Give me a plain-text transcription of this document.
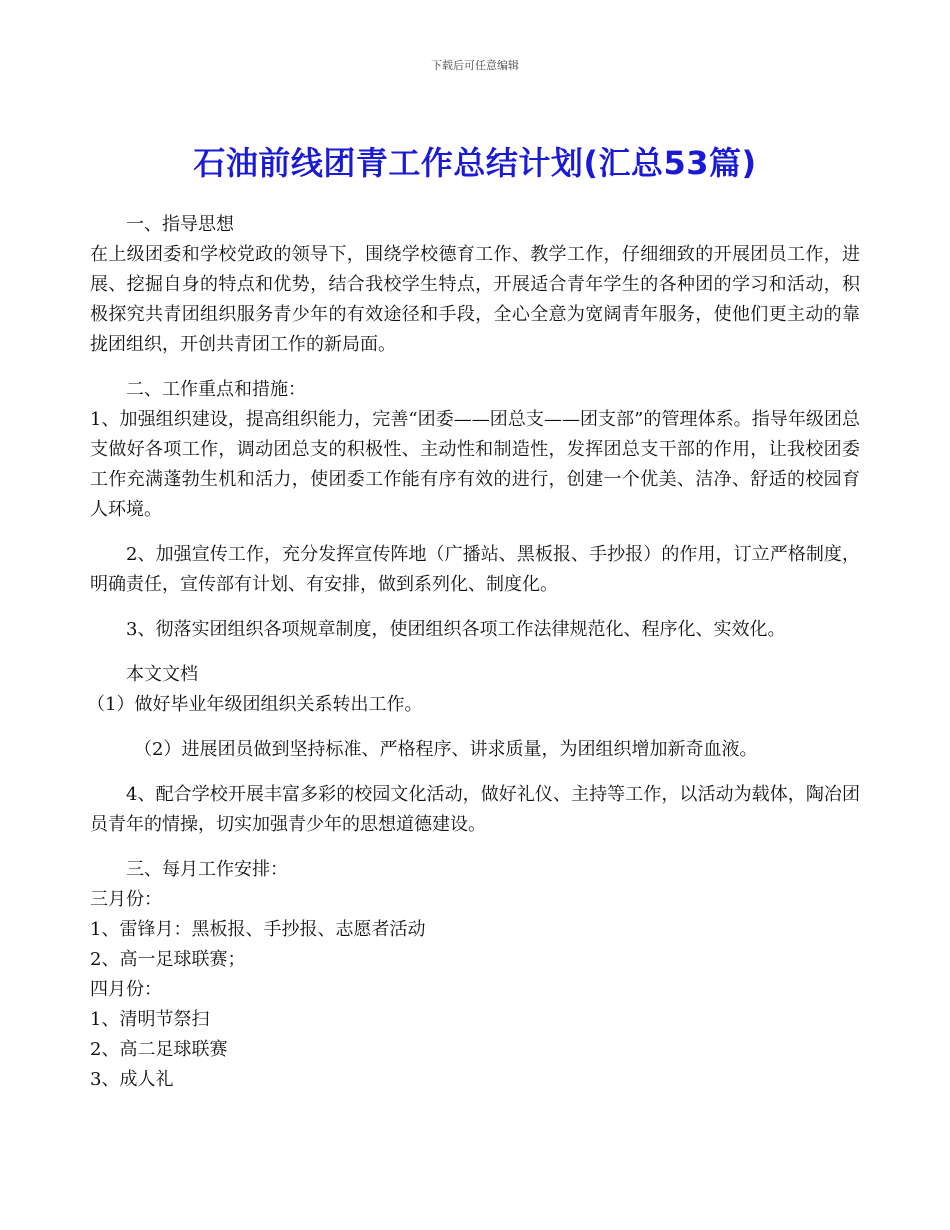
下载后可任意编辑
石油前线团青工作总结计划(汇总53篇)

一、指导思想

在上级团委和学校党政的领导下，围绕学校德育工作、教学工作，仔细细致的开展团员工作，进展、挖掘自身的特点和优势，结合我校学生特点，开展适合青年学生的各种团的学习和活动，积极探究共青团组织服务青少年的有效途径和手段，全心全意为宽阔青年服务，使他们更主动的靠拢团组织，开创共青团工作的新局面。

二、工作重点和措施：

1、加强组织建设，提高组织能力，完善“团委——团总支——团支部”的管理体系。指导年级团总支做好各项工作，调动团总支的积极性、主动性和制造性，发挥团总支干部的作用，让我校团委工作充满蓬勃生机和活力，使团委工作能有序有效的进行，创建一个优美、洁净、舒适的校园育人环境。

2、加强宣传工作，充分发挥宣传阵地（广播站、黑板报、手抄报）的作用，订立严格制度，明确责任，宣传部有计划、有安排，做到系列化、制度化。

3、彻落实团组织各项规章制度，使团组织各项工作法律规范化、程序化、实效化。

本文文档

（1）做好毕业年级团组织关系转出工作。

（2）进展团员做到坚持标准、严格程序、讲求质量，为团组织增加新奇血液。

4、配合学校开展丰富多彩的校园文化活动，做好礼仪、主持等工作，以活动为载体，陶冶团员青年的情操，切实加强青少年的思想道德建设。

三、每月工作安排：

三月份：

1、雷锋月：黑板报、手抄报、志愿者活动

2、高一足球联赛；

四月份：

1、清明节祭扫

2、高二足球联赛

3、成人礼
